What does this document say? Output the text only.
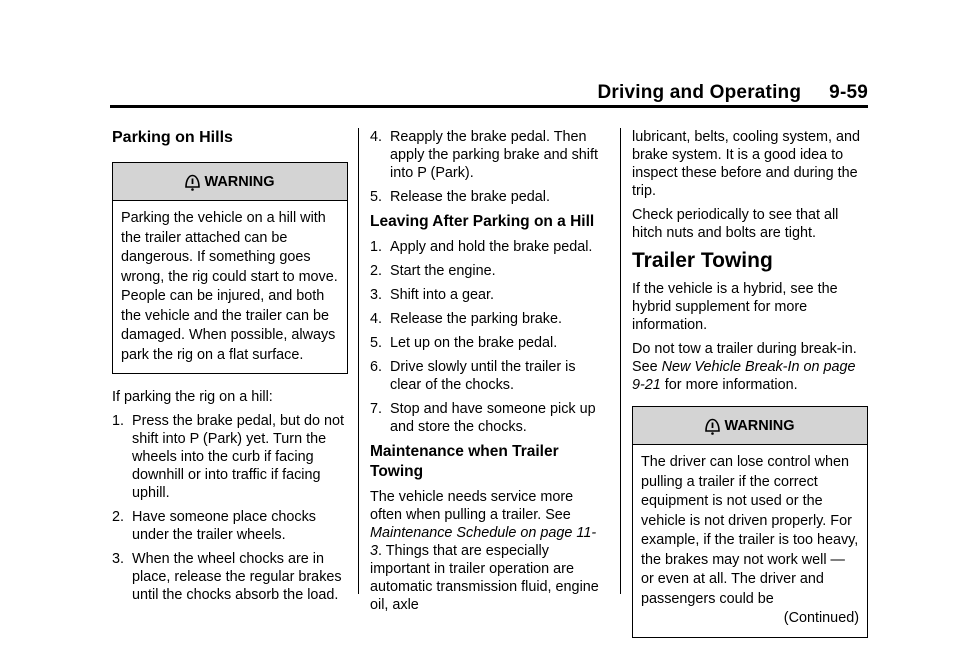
Driving and Operating 9-59
Parking on Hills
WARNING
Parking the vehicle on a hill with the trailer attached can be dangerous. If something goes wrong, the rig could start to move. People can be injured, and both the vehicle and the trailer can be damaged. When possible, always park the rig on a flat surface.

If parking the rig on a hill:

1. Press the brake pedal, but do not shift into P (Park) yet. Turn the wheels into the curb if facing downhill or into traffic if facing uphill.
2. Have someone place chocks under the trailer wheels.
3. When the wheel chocks are in place, release the regular brakes until the chocks absorb the load.
4. Reapply the brake pedal. Then apply the parking brake and shift into P (Park).
5. Release the brake pedal.
Leaving After Parking on a Hill
1. Apply and hold the brake pedal.
2. Start the engine.
3. Shift into a gear.
4. Release the parking brake.
5. Let up on the brake pedal.
6. Drive slowly until the trailer is clear of the chocks.
7. Stop and have someone pick up and store the chocks.
Maintenance when Trailer Towing

The vehicle needs service more often when pulling a trailer. See Maintenance Schedule on page 11-3. Things that are especially important in trailer operation are automatic transmission fluid, engine oil, axle

lubricant, belts, cooling system, and brake system. It is a good idea to inspect these before and during the trip.

Check periodically to see that all hitch nuts and bolts are tight.

Trailer Towing

If the vehicle is a hybrid, see the hybrid supplement for more information.

Do not tow a trailer during break-in. See New Vehicle Break-In on page 9-21 for more information.

WARNING
The driver can lose control when pulling a trailer if the correct equipment is not used or the vehicle is not driven properly. For example, if the trailer is too heavy, the brakes may not work well — or even at all. The driver and passengers could be
(Continued)
